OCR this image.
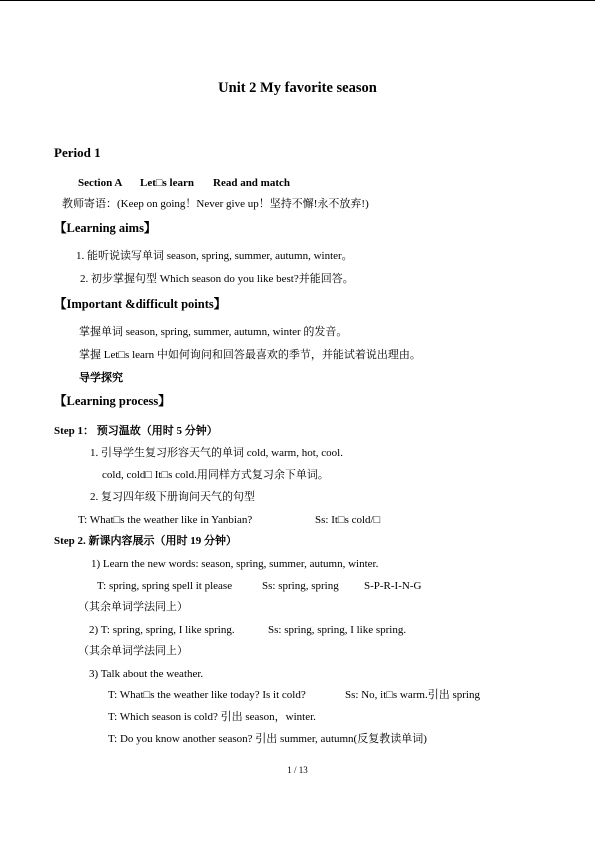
Unit 2 My favorite season
Period 1
Section A Let□s learn Read and match
教师寄语：(Keep on going！Never give up！坚持不懈!永不放弃!)
【Learning aims】
1. 能听说读写单词 season, spring, summer, autumn, winter。
2. 初步掌握句型 Which season do you like best?并能回答。
【Important &difficult points】
掌握单词 season, spring, summer, autumn, winter 的发音。
掌握 Let□s learn 中如何询问和回答最喜欢的季节，并能试着说出理由。
导学探究
【Learning process】
Step 1： 预习温故（用时 5 分钟）
1. 引导学生复习形容天气的单词 cold, warm, hot, cool.
cold, cold□ It□s cold.用同样方式复习余下单词。
2. 复习四年级下册询问天气的句型
T: What□s the weather like in Yanbian?	Ss: It□s cold/□
Step 2. 新课内容展示（用时 19 分钟）
1) Learn the new words: season, spring, summer, autumn, winter.
T: spring, spring spell it please	Ss: spring, spring S-P-R-I-N-G
（其余单词学法同上）
2) T: spring, spring, I like spring.	Ss: spring, spring, I like spring.
（其余单词学法同上）
3) Talk about the weather.
T: What□s the weather like today? Is it cold?	Ss: No, it□s warm.引出 spring
T: Which season is cold? 引出 season，winter.
T: Do you know another season? 引出 summer, autumn(反复教读单词)
1 / 13
